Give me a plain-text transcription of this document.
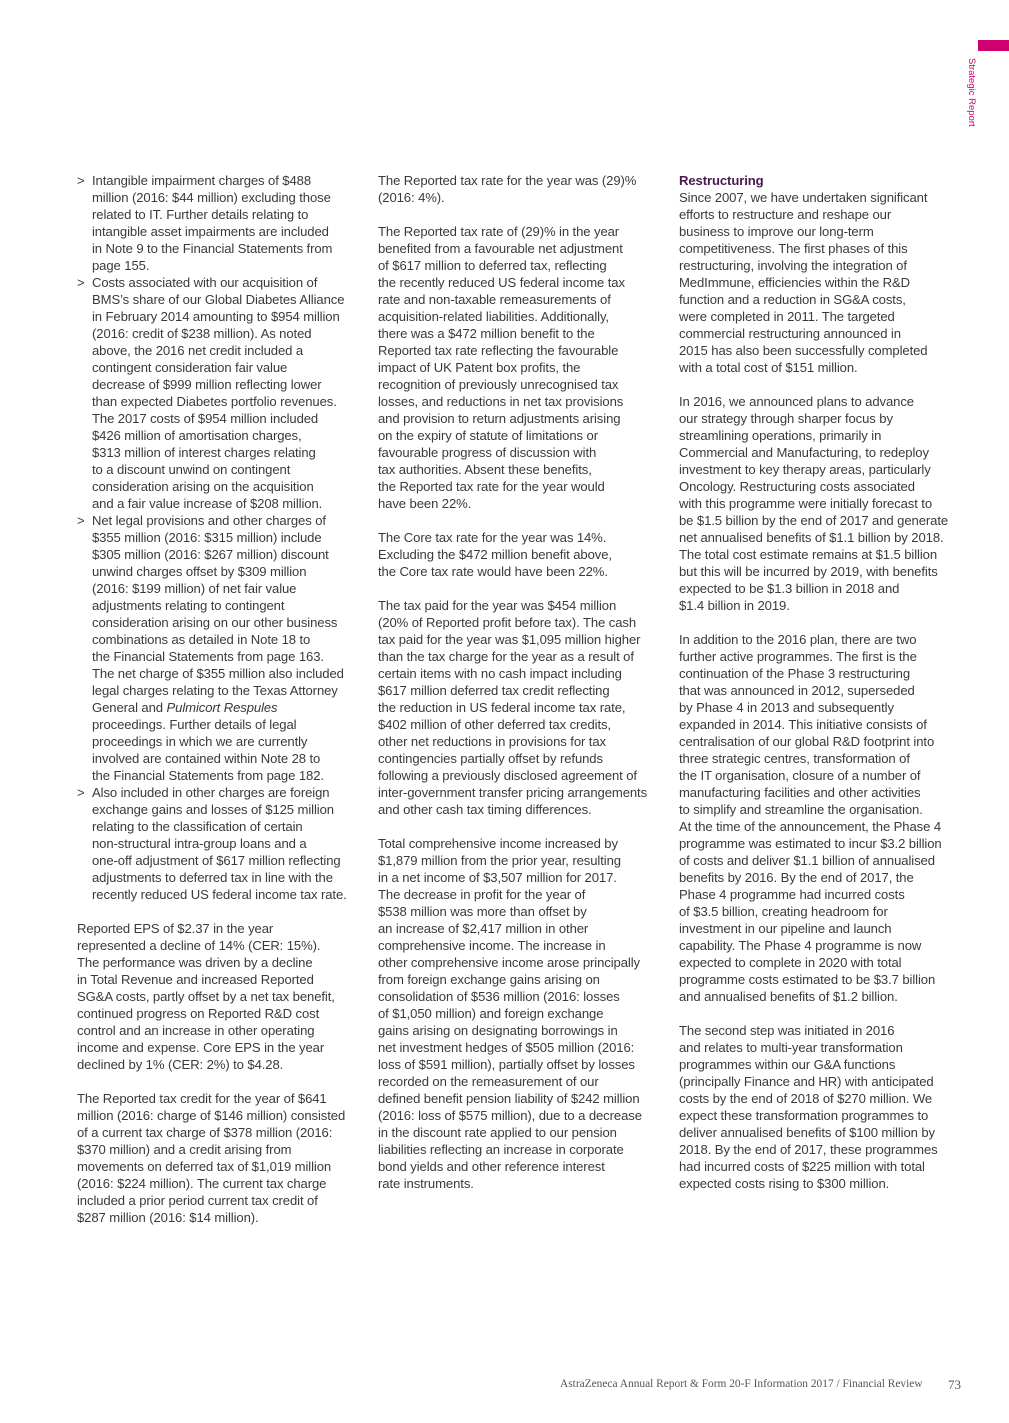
Strategic Report
> Intangible impairment charges of $488
million (2016: $44 million) excluding those
related to IT. Further details relating to
intangible asset impairments are included
in Note 9 to the Financial Statements from
page 155.
> Costs associated with our acquisition of
BMS’s share of our Global Diabetes Alliance
in February 2014 amounting to $954 million
(2016: credit of $238 million). As noted
above, the 2016 net credit included a
contingent consideration fair value
decrease of $999 million reflecting lower
than expected Diabetes portfolio revenues.
The 2017 costs of $954 million included
$426 million of amortisation charges,
$313 million of interest charges relating
to a discount unwind on contingent
consideration arising on the acquisition
and a fair value increase of $208 million.
> Net legal provisions and other charges of
$355 million (2016: $315 million) include
$305 million (2016: $267 million) discount
unwind charges offset by $309 million
(2016: $199 million) of net fair value
adjustments relating to contingent
consideration arising on our other business
combinations as detailed in Note 18 to
the Financial Statements from page 163.
The net charge of $355 million also included
legal charges relating to the Texas Attorney
General and Pulmicort Respules
proceedings. Further details of legal
proceedings in which we are currently
involved are contained within Note 28 to
the Financial Statements from page 182.
> Also included in other charges are foreign
exchange gains and losses of $125 million
relating to the classification of certain
non-structural intra-group loans and a
one-off adjustment of $617 million reflecting
adjustments to deferred tax in line with the
recently reduced US federal income tax rate.

Reported EPS of $2.37 in the year
represented a decline of 14% (CER: 15%).
The performance was driven by a decline
in Total Revenue and increased Reported
SG&A costs, partly offset by a net tax benefit,
continued progress on Reported R&D cost
control and an increase in other operating
income and expense. Core EPS in the year
declined by 1% (CER: 2%) to $4.28.

The Reported tax credit for the year of $641
million (2016: charge of $146 million) consisted
of a current tax charge of $378 million (2016:
$370 million) and a credit arising from
movements on deferred tax of $1,019 million
(2016: $224 million). The current tax charge
included a prior period current tax credit of
$287 million (2016: $14 million).

The Reported tax rate for the year was (29)%
(2016: 4%).

The Reported tax rate of (29)% in the year
benefited from a favourable net adjustment
of $617 million to deferred tax, reflecting
the recently reduced US federal income tax
rate and non-taxable remeasurements of
acquisition-related liabilities. Additionally,
there was a $472 million benefit to the
Reported tax rate reflecting the favourable
impact of UK Patent box profits, the
recognition of previously unrecognised tax
losses, and reductions in net tax provisions
and provision to return adjustments arising
on the expiry of statute of limitations or
favourable progress of discussion with
tax authorities. Absent these benefits,
the Reported tax rate for the year would
have been 22%.

The Core tax rate for the year was 14%.
Excluding the $472 million benefit above,
the Core tax rate would have been 22%.

The tax paid for the year was $454 million
(20% of Reported profit before tax). The cash
tax paid for the year was $1,095 million higher
than the tax charge for the year as a result of
certain items with no cash impact including
$617 million deferred tax credit reflecting
the reduction in US federal income tax rate,
$402 million of other deferred tax credits,
other net reductions in provisions for tax
contingencies partially offset by refunds
following a previously disclosed agreement of
inter-government transfer pricing arrangements
and other cash tax timing differences.

Total comprehensive income increased by
$1,879 million from the prior year, resulting
in a net income of $3,507 million for 2017.
The decrease in profit for the year of
$538 million was more than offset by
an increase of $2,417 million in other
comprehensive income. The increase in
other comprehensive income arose principally
from foreign exchange gains arising on
consolidation of $536 million (2016: losses
of $1,050 million) and foreign exchange
gains arising on designating borrowings in
net investment hedges of $505 million (2016:
loss of $591 million), partially offset by losses
recorded on the remeasurement of our
defined benefit pension liability of $242 million
(2016: loss of $575 million), due to a decrease
in the discount rate applied to our pension
liabilities reflecting an increase in corporate
bond yields and other reference interest
rate instruments.

Restructuring

Since 2007, we have undertaken significant
efforts to restructure and reshape our
business to improve our long-term
competitiveness. The first phases of this
restructuring, involving the integration of
MedImmune, efficiencies within the R&D
function and a reduction in SG&A costs,
were completed in 2011. The targeted
commercial restructuring announced in
2015 has also been successfully completed
with a total cost of $151 million.

In 2016, we announced plans to advance
our strategy through sharper focus by
streamlining operations, primarily in
Commercial and Manufacturing, to redeploy
investment to key therapy areas, particularly
Oncology. Restructuring costs associated
with this programme were initially forecast to
be $1.5 billion by the end of 2017 and generate
net annualised benefits of $1.1 billion by 2018.
The total cost estimate remains at $1.5 billion
but this will be incurred by 2019, with benefits
expected to be $1.3 billion in 2018 and
$1.4 billion in 2019.

In addition to the 2016 plan, there are two
further active programmes. The first is the
continuation of the Phase 3 restructuring
that was announced in 2012, superseded
by Phase 4 in 2013 and subsequently
expanded in 2014. This initiative consists of
centralisation of our global R&D footprint into
three strategic centres, transformation of
the IT organisation, closure of a number of
manufacturing facilities and other activities
to simplify and streamline the organisation.
At the time of the announcement, the Phase 4
programme was estimated to incur $3.2 billion
of costs and deliver $1.1 billion of annualised
benefits by 2016. By the end of 2017, the
Phase 4 programme had incurred costs
of $3.5 billion, creating headroom for
investment in our pipeline and launch
capability. The Phase 4 programme is now
expected to complete in 2020 with total
programme costs estimated to be $3.7 billion
and annualised benefits of $1.2 billion.

The second step was initiated in 2016
and relates to multi-year transformation
programmes within our G&A functions
(principally Finance and HR) with anticipated
costs by the end of 2018 of $270 million. We
expect these transformation programmes to
deliver annualised benefits of $100 million by
2018. By the end of 2017, these programmes
had incurred costs of $225 million with total
expected costs rising to $300 million.

AstraZeneca Annual Report & Form 20-F Information 2017 / Financial Review 73
